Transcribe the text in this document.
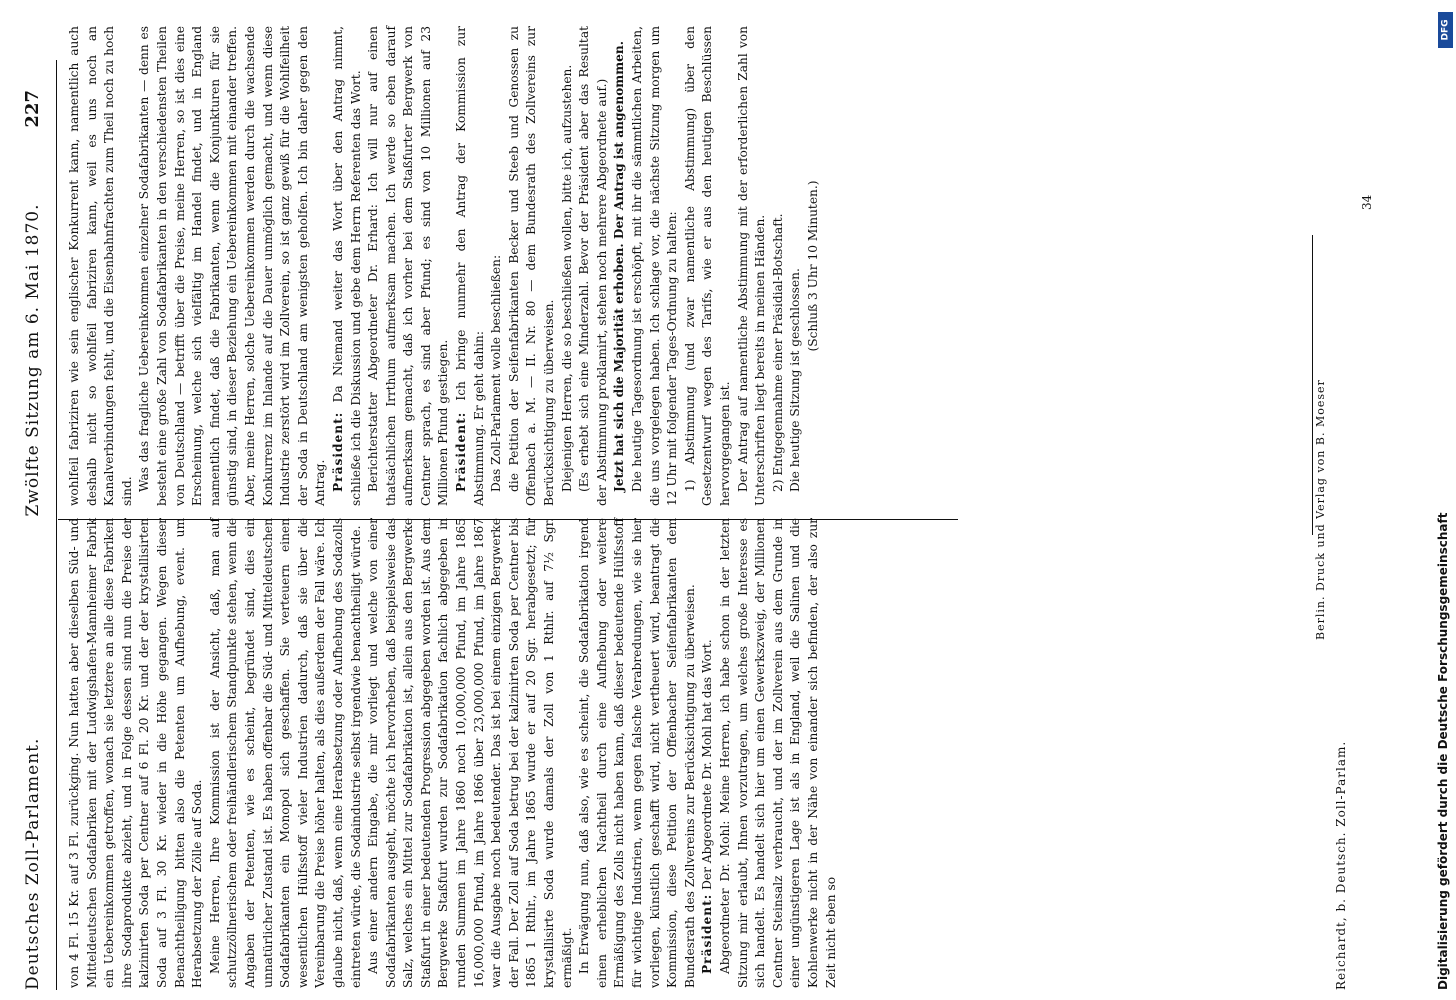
Deutsches Zoll-Parlament.
Zwölfte Sitzung am 6. Mai 1870.
227

von 4 Fl. 15 Kr. auf 3 Fl. zurückging. Nun hatten aber dieselben Süd- und Mitteldeutschen Sodafabriken mit der Ludwigshafen-Mannheimer Fabrik ein Uebereinkommen getroffen, wonach sie letztere an alle diese Fabriken ihre Sodaprodukte abzieht, und in Folge dessen sind nun die Preise der kalzinirten Soda per Centner auf 6 Fl. 20 Kr. und der der krystallisirten Soda auf 3 Fl. 30 Kr. wieder in die Höhe gegangen. Wegen dieser Benachtheiligung bitten also die Petenten um Aufhebung, event. um Herabsetzung der Zölle auf Soda. Meine Herren, Ihre Kommission ist der Ansicht, daß, man auf schutzzöllnerischem oder freihändlerischem Standpunkte stehen, wenn die Angaben der Petenten, wie es scheint, begründet sind, dies ein unnatürlicher Zustand ist. Es haben offenbar die Süd- und Mitteldeutschen Sodafabrikanten ein Monopol sich geschaffen. Sie verteuern einen wesentlichen Hülfsstoff vieler Industrien dadurch, daß sie über die Vereinbarung die Preise höher halten, als dies außerdem der Fall wäre. Ich glaube nicht, daß, wenn eine Herabsetzung oder Aufhebung des Sodazolls eintreten würde, die Sodaindustrie selbst irgendwie benachtheiligt würde. Aus einer andern Eingabe, die mir vorliegt und welche von einer Sodafabrikanten ausgeht, möchte ich hervorheben, daß beispielsweise das Salz, welches ein Mittel zur Sodafabrikation ist, allein aus den Bergwerke Staßfurt in einer bedeutenden Progression abgegeben worden ist. Aus dem Bergwerke Staßfurt wurden zur Sodafabrikation fachlich abgegeben in runden Summen im Jahre 1860 noch 10,000,000 Pfund, im Jahre 1865 16,000,000 Pfund, im Jahre 1866 über 23,000,000 Pfund, im Jahre 1867 war die Ausgabe noch bedeutender. Das ist bei einem einzigen Bergwerke der Fall. Der Zoll auf Soda betrug bei der kalzinirten Soda per Centner bis 1865 1 Rthlr., im Jahre 1865 wurde er auf 20 Sgr. herabgesetzt; für krystallisirte Soda wurde damals der Zoll von 1 Rthlr. auf 7½ Sgr. ermäßigt. In Erwägung nun, daß also, wie es scheint, die Sodafabrikation irgend einen erheblichen Nachtheil durch eine Aufhebung oder weitere Ermäßigung des Zolls nicht haben kann, daß dieser bedeutende Hülfsstoff für wichtige Industrien, wenn gegen falsche Verabredungen, wie sie hier vorliegen, künstlich geschafft wird, nicht vertheuert wird, beantragt die Kommission, diese Petition der Offenbacher Seifenfabrikanten dem Bundesrath des Zollvereins zur Berücksichtigung zu überweisen. Präsident: Der Abgeordnete Dr. Mohl hat das Wort.

Abgeordneter Dr. Mohl: Meine Herren, ich habe schon in der letzten Sitzung mir erlaubt, Ihnen vorzutragen, um welches große Interesse es sich handelt. Es handelt sich hier um einen Gewerkszweig, der Millionen Centner Steinsalz verbraucht, und der im Zollverein aus dem Grunde in einer ungünstigeren Lage ist als in England, weil die Salinen und die Kohlenwerke nicht in der Nähe von einander sich befinden, der also zur Zeit nicht eben so

wohlfeil fabriziren wie sein englischer Konkurrent kann, namentlich auch deshalb nicht so wohlfeil fabriziren kann, weil es uns noch an Kanalverbindungen fehlt, und die Eisenbahnfrachten zum Theil noch zu hoch sind. Was das fragliche Uebereinkommen einzelner Sodafabrikanten — denn es besteht eine große Zahl von Sodafabrikanten in den verschiedensten Theilen von Deutschland — betrifft über die Preise, meine Herren, so ist dies eine Erscheinung, welche sich vielfältig im Handel findet, und in England namentlich findet, daß die Fabrikanten, wenn die Konjunkturen für sie günstig sind, in dieser Beziehung ein Uebereinkommen mit einander treffen. Aber, meine Herren, solche Uebereinkommen werden durch die wachsende Konkurrenz im Inlande auf die Dauer unmöglich gemacht, und wenn diese Industrie zerstört wird im Zollverein, so ist ganz gewiß für die Wohlfeilheit der Soda in Deutschland am wenigsten geholfen. Ich bin daher gegen den Antrag. Präsident: Da Niemand weiter das Wort über den Antrag nimmt, schließe ich die Diskussion und gebe dem Herrn Referenten das Wort. Berichterstatter Abgeordneter Dr. Erhard: Ich will nur auf einen thatsächlichen Irrthum aufmerksam machen. Ich werde so eben darauf aufmerksam gemacht, daß ich vorher bei dem Staßfurter Bergwerk von Centner sprach, es sind aber Pfund; es sind von 10 Millionen auf 23 Millionen Pfund gestiegen. Präsident: Ich bringe nunmehr den Antrag der Kommission zur Abstimmung. Er geht dahin: Das Zoll-Parlament wolle beschließen: die Petition der Seifenfabrikanten Becker und Steeb und Genossen zu Offenbach a. M. — II. Nr. 80 — dem Bundesrath des Zollvereins zur Berücksichtigung zu überweisen. Diejenigen Herren, die so beschließen wollen, bitte ich, aufzustehen. (Es erhebt sich eine Minderzahl. Bevor der Präsident aber das Resultat der Abstimmung proklamirt, stehen noch mehrere Abgeordnete auf.) Jetzt hat sich die Majorität erhoben. Der Antrag ist angenommen. Die heutige Tagesordnung ist erschöpft, mit ihr die sämmtlichen Arbeiten, die uns vorgelegen haben. Ich schlage vor, die nächste Sitzung morgen um 12 Uhr mit folgender Tages-Ordnung zu halten: 1) Abstimmung (und zwar namentliche Abstimmung) über den Gesetzentwurf wegen des Tarifs, wie er aus den heutigen Beschlüssen hervorgegangen ist. Der Antrag auf namentliche Abstimmung mit der erforderlichen Zahl von Unterschriften liegt bereits in meinen Händen. 2) Entgegennahme einer Präsidial-Botschaft. Die heutige Sitzung ist geschlossen.

(Schluß 3 Uhr 10 Minuten.)

Reichardt, b. Deutsch. Zoll-Parlam.
Berlin. Druck und Verlag von B. Moeser
34
Digitalisierung gefördert durch die Deutsche Forschungsgemeinschaft
DFG
